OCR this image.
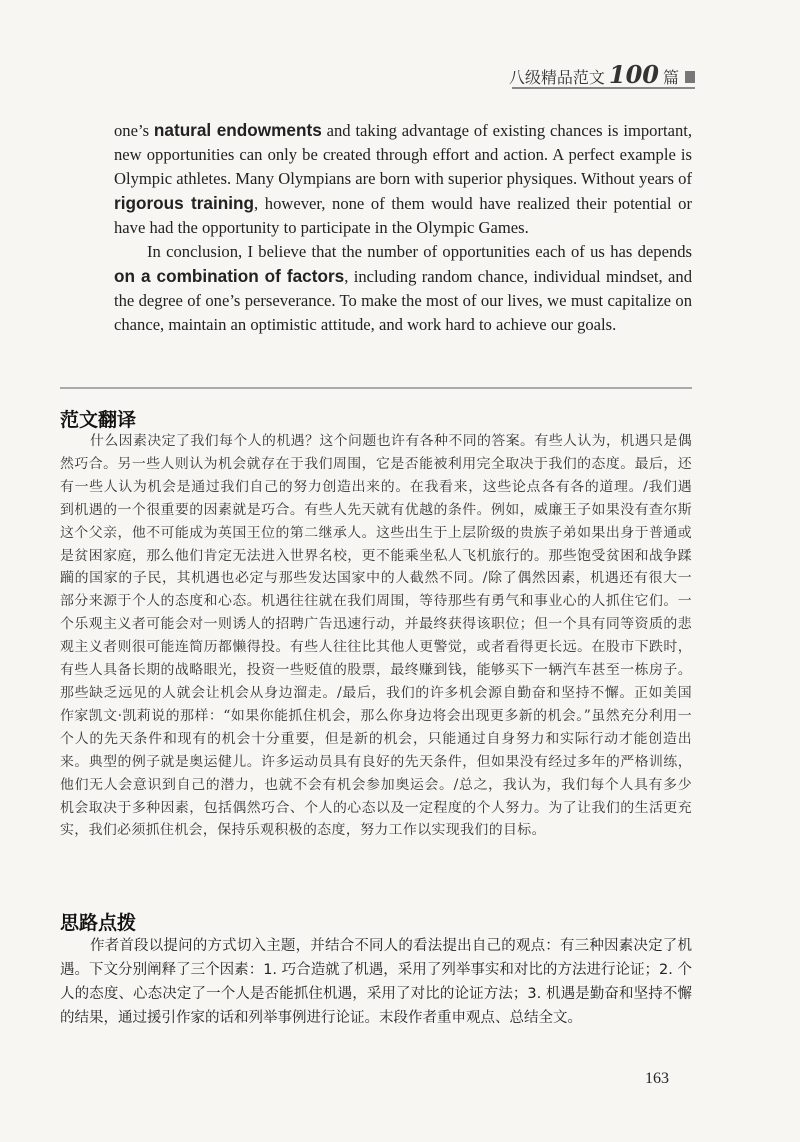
八级精品范文 100 篇

one’s natural endowments and taking advantage of existing chances is important, new opportunities can only be created through effort and action. A perfect example is Olympic athletes. Many Olympians are born with superior physiques. Without years of rigorous training, however, none of them would have realized their potential or have had the opportunity to participate in the Olympic Games.

In conclusion, I believe that the number of opportunities each of us has depends on a combination of factors, including random chance, individual mindset, and the degree of one’s perseverance. To make the most of our lives, we must capitalize on chance, maintain an optimistic attitude, and work hard to achieve our goals.

范文翻译

什么因素决定了我们每个人的机遇？这个问题也许有各种不同的答案。有些人认为，机遇只是偶然巧合。另一些人则认为机会就存在于我们周围，它是否能被利用完全取决于我们的态度。最后，还有一些人认为机会是通过我们自己的努力创造出来的。在我看来，这些论点各有各的道理。/我们遇到机遇的一个很重要的因素就是巧合。有些人先天就有优越的条件。例如，威廉王子如果没有查尔斯这个父亲，他不可能成为英国王位的第二继承人。这些出生于上层阶级的贵族子弟如果出身于普通或是贫困家庭，那么他们肯定无法进入世界名校，更不能乘坐私人飞机旅行的。那些饱受贫困和战争蹂躏的国家的子民，其机遇也必定与那些发达国家中的人截然不同。/除了偶然因素，机遇还有很大一部分来源于个人的态度和心态。机遇往往就在我们周围，等待那些有勇气和事业心的人抓住它们。一个乐观主义者可能会对一则诱人的招聘广告迅速行动，并最终获得该职位；但一个具有同等资质的悲观主义者则很可能连简历都懒得投。有些人往往比其他人更警觉，或者看得更长远。在股市下跌时，有些人具备长期的战略眼光，投资一些贬值的股票，最终赚到钱，能够买下一辆汽车甚至一栋房子。那些缺乏远见的人就会让机会从身边溜走。/最后，我们的许多机会源自勤奋和坚持不懈。正如美国作家凯文·凯莉说的那样：“如果你能抓住机会，那么你身边将会出现更多新的机会。”虽然充分利用一个人的先天条件和现有的机会十分重要，但是新的机会，只能通过自身努力和实际行动才能创造出来。典型的例子就是奥运健儿。许多运动员具有良好的先天条件，但如果没有经过多年的严格训练，他们无人会意识到自己的潜力，也就不会有机会参加奥运会。/总之，我认为，我们每个人具有多少机会取决于多种因素，包括偶然巧合、个人的心态以及一定程度的个人努力。为了让我们的生活更充实，我们必须抓住机会，保持乐观积极的态度，努力工作以实现我们的目标。

思路点拨

作者首段以提问的方式切入主题，并结合不同人的看法提出自己的观点：有三种因素决定了机遇。下文分别阐释了三个因素：1. 巧合造就了机遇，采用了列举事实和对比的方法进行论证；2. 个人的态度、心态决定了一个人是否能抓住机遇，采用了对比的论证方法；3. 机遇是勤奋和坚持不懈的结果，通过援引作家的话和列举事例进行论证。末段作者重申观点、总结全文。

163
